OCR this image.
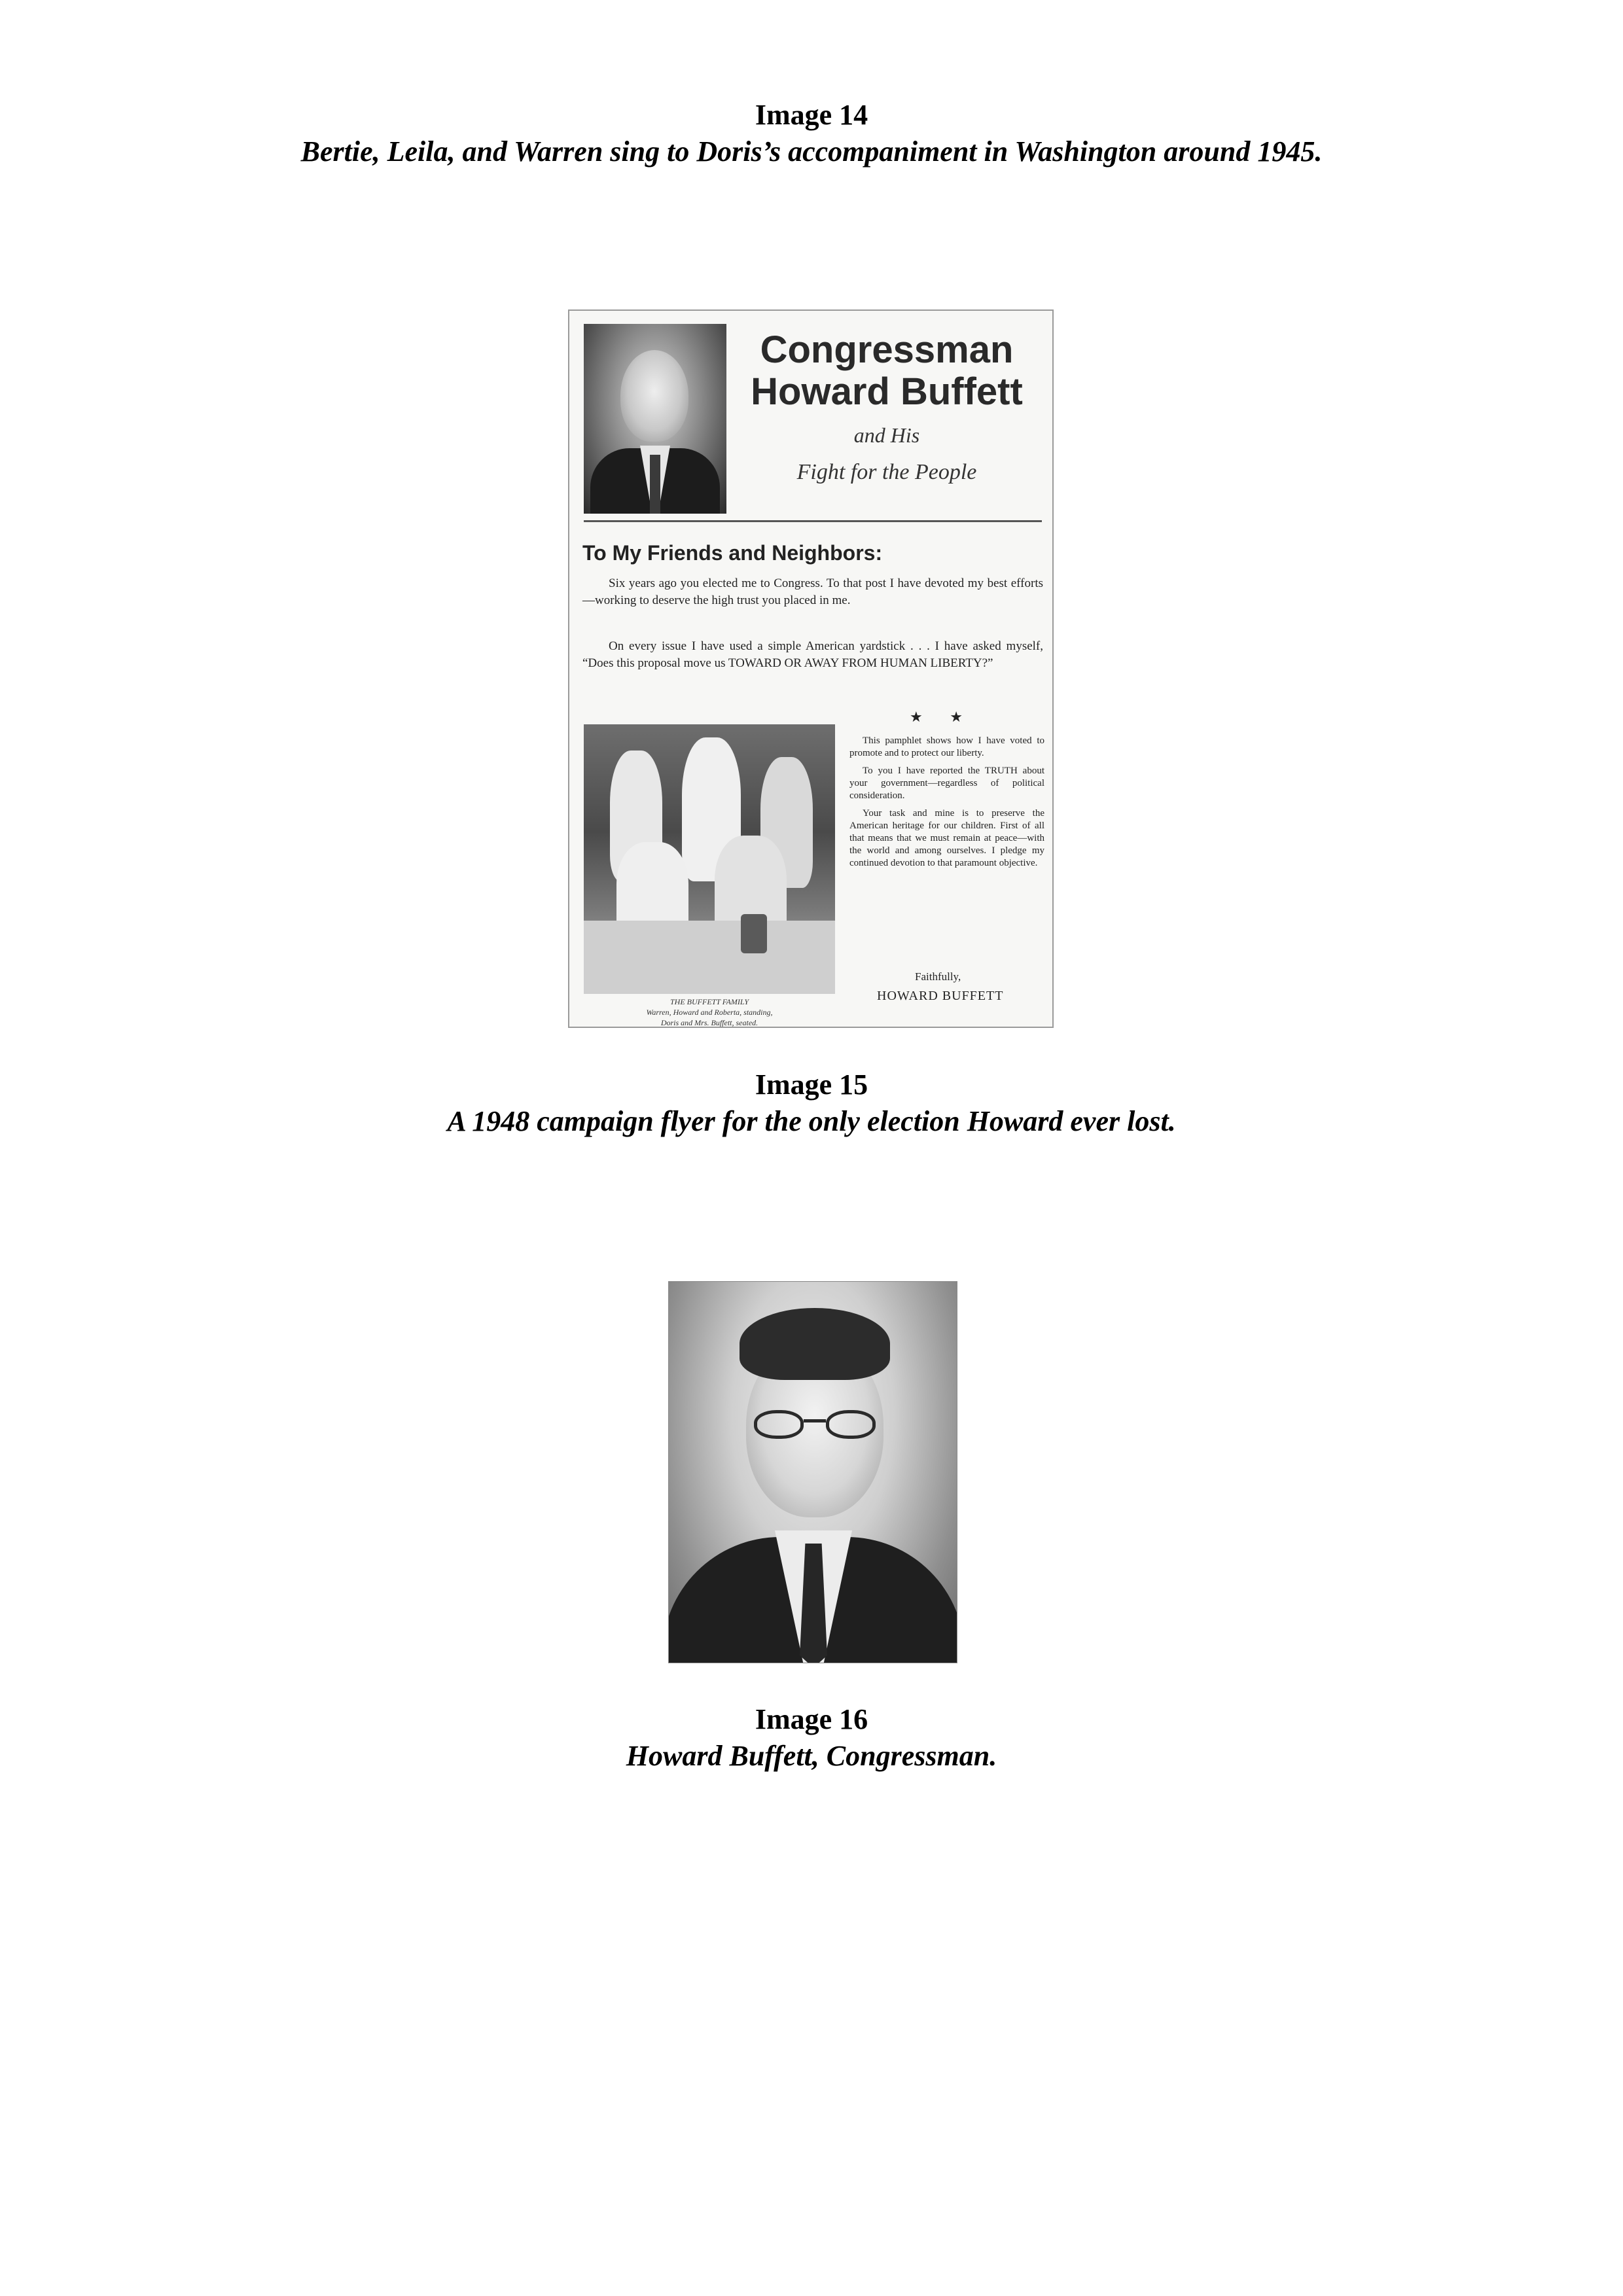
Image 14
Bertie, Leila, and Warren sing to Doris’s accompaniment in Washington around 1945.
Congressman Howard Buffett
and His
Fight for the People
To My Friends and Neighbors:
Six years ago you elected me to Congress. To that post I have devoted my best efforts—working to deserve the high trust you placed in me.
On every issue I have used a simple American yardstick . . . I have asked myself, “Does this proposal move us TOWARD OR AWAY FROM HUMAN LIBERTY?”
★ ★
THE BUFFETT FAMILY
Warren, Howard and Roberta, standing,
Doris and Mrs. Buffett, seated.

This pamphlet shows how I have voted to promote and to protect our liberty.

To you I have reported the TRUTH about your government—regardless of political consideration.

Your task and mine is to preserve the American heritage for our children. First of all that means that we must remain at peace—with the world and among ourselves. I pledge my continued devotion to that paramount objective.

Faithfully,
HOWARD BUFFETT
Image 15
A 1948 campaign flyer for the only election Howard ever lost.
Image 16
Howard Buffett, Congressman.
